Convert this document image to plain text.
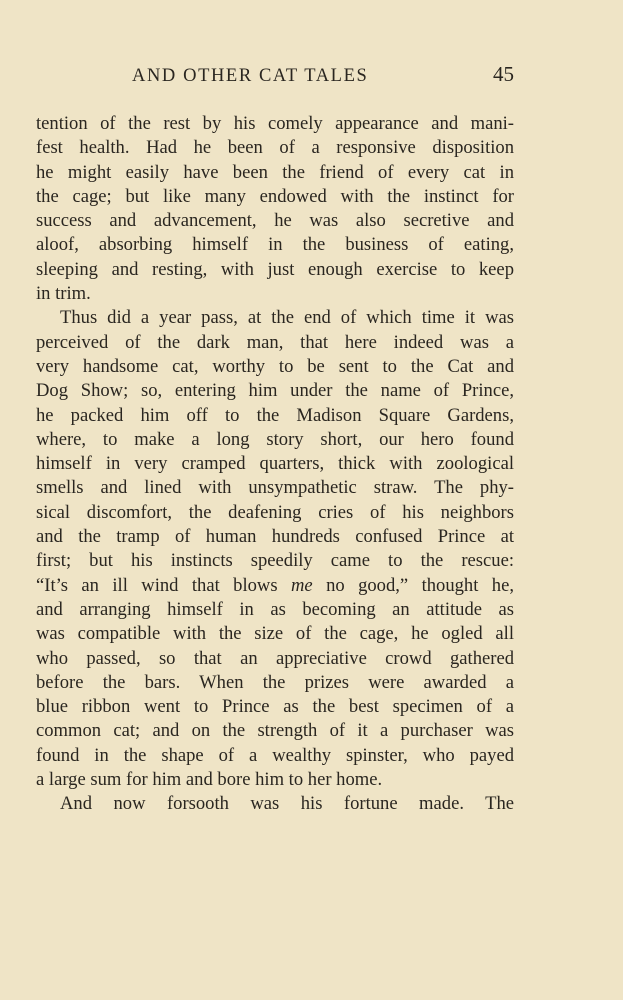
AND OTHER CAT TALES	45
tention of the rest by his comely appearance and mani-
fest health. Had he been of a responsive disposition
he might easily have been the friend of every cat in
the cage; but like many endowed with the instinct for
success and advancement, he was also secretive and
aloof, absorbing himself in the business of eating,
sleeping and resting, with just enough exercise to keep
in trim.
Thus did a year pass, at the end of which time it was
perceived of the dark man, that here indeed was a
very handsome cat, worthy to be sent to the Cat and
Dog Show; so, entering him under the name of Prince,
he packed him off to the Madison Square Gardens,
where, to make a long story short, our hero found
himself in very cramped quarters, thick with zoological
smells and lined with unsympathetic straw. The phy-
sical discomfort, the deafening cries of his neighbors
and the tramp of human hundreds confused Prince at
first; but his instincts speedily came to the rescue:
“It’s an ill wind that blows me no good,” thought he,
and arranging himself in as becoming an attitude as
was compatible with the size of the cage, he ogled all
who passed, so that an appreciative crowd gathered
before the bars. When the prizes were awarded a
blue ribbon went to Prince as the best specimen of a
common cat; and on the strength of it a purchaser was
found in the shape of a wealthy spinster, who payed
a large sum for him and bore him to her home.
And now forsooth was his fortune made. The
